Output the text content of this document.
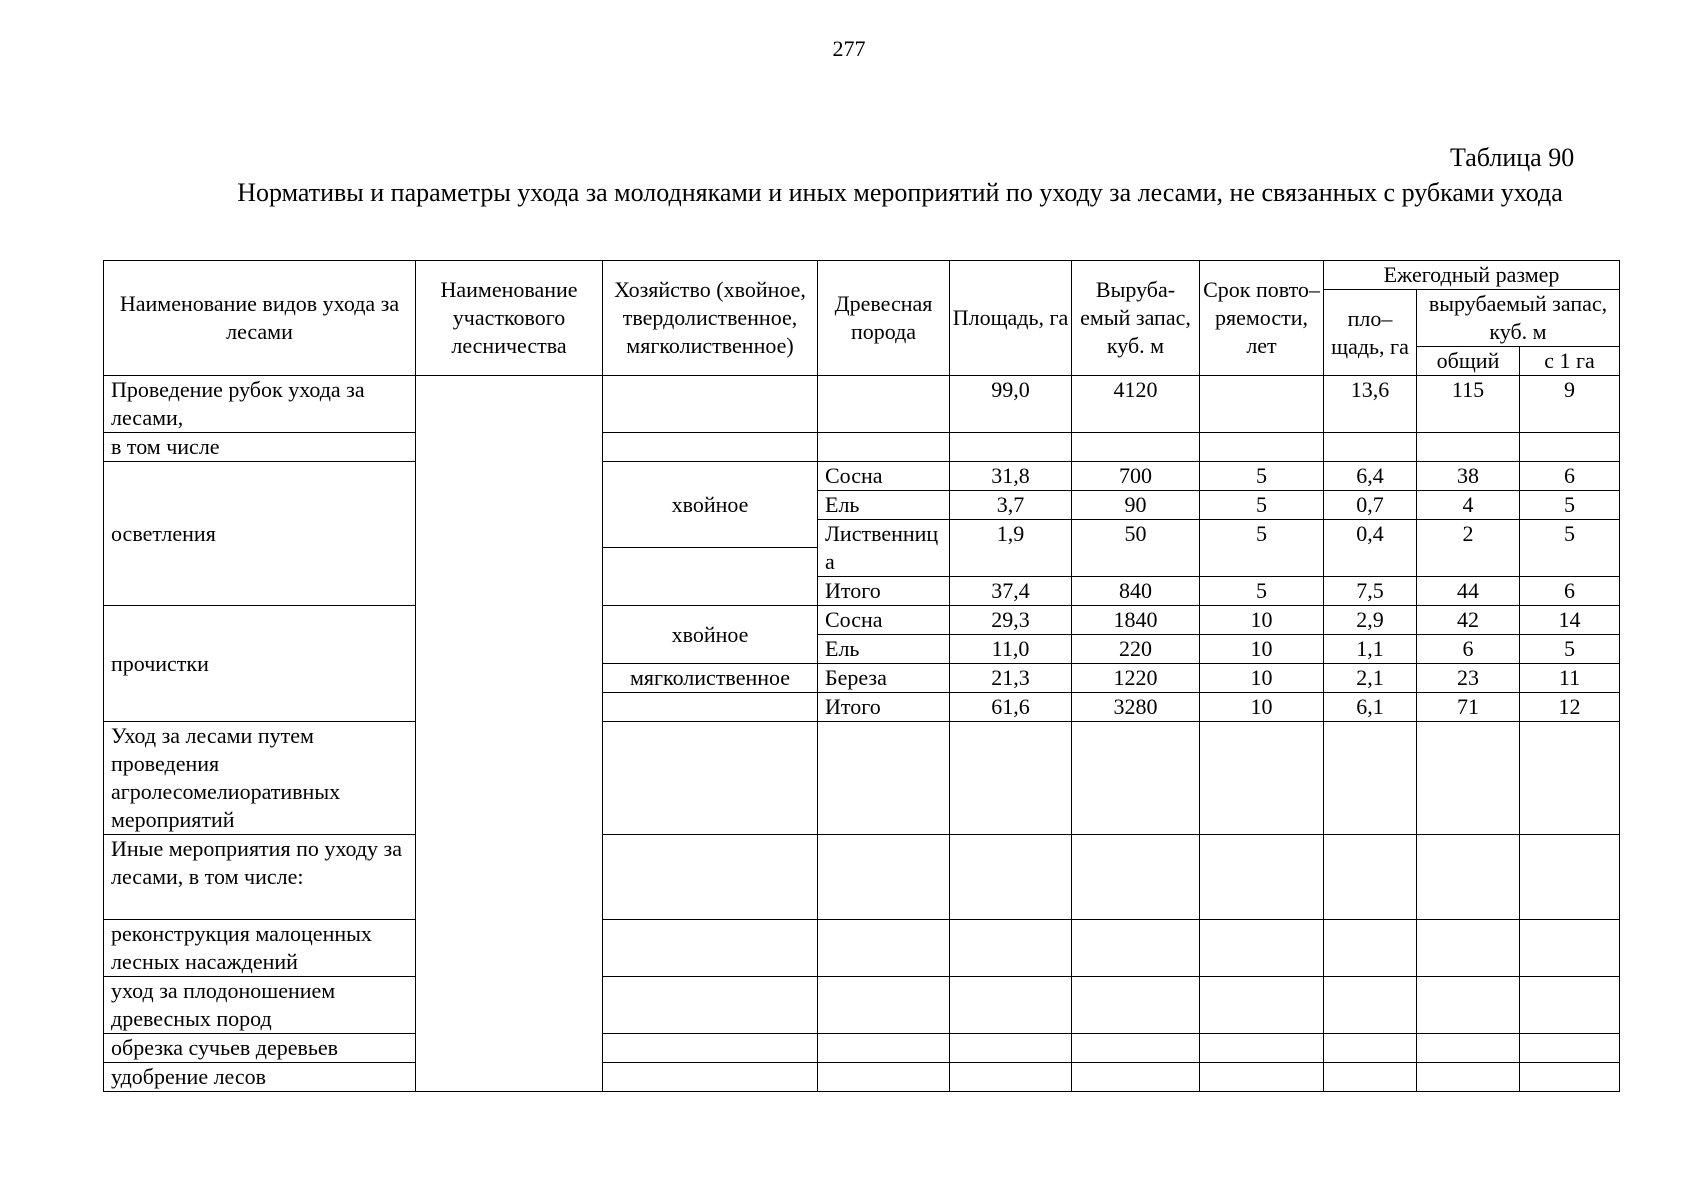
277
Таблица 90
Нормативы и параметры ухода за молодняками и иных мероприятий по уходу за лесами, не связанных с рубками ухода
Наименование видов ухода за лесами	Наименование участкового лесничества	Хозяйство (хвойное, твердолиственное, мягколиственное)	Древесная порода	Площадь, га	Выруба-емый запас, куб. м	Срок повто–ряемости, лет	Ежегодный размер		
							пло–щадь, га	вырубаемый запас, куб. м	

								общий	с 1 га
Проведение рубок ухода за лесами,				99,0	4120		13,6	115	9
в том числе									
осветления		хвойное	Сосна	31,8	700	5	6,4	38	6
			Ель	3,7	90	5	0,7	4	5
			Лиственница	1,9	50	5	0,4	2	5

			Итого	37,4	840	5	7,5	44	6
прочистки		хвойное	Сосна	29,3	1840	10	2,9	42	14
			Ель	11,0	220	10	1,1	6	5
		мягколиственное	Береза	21,3	1220	10	2,1	23	11
			Итого	61,6	3280	10	6,1	71	12
Уход за лесами путем проведения агролесомелиоративных мероприятий									
Иные мероприятия по уходу за лесами, в том числе:									
реконструкция малоценных лесных насаждений									
уход за плодоношением древесных пород									
обрезка сучьев деревьев									
удобрение лесов									
